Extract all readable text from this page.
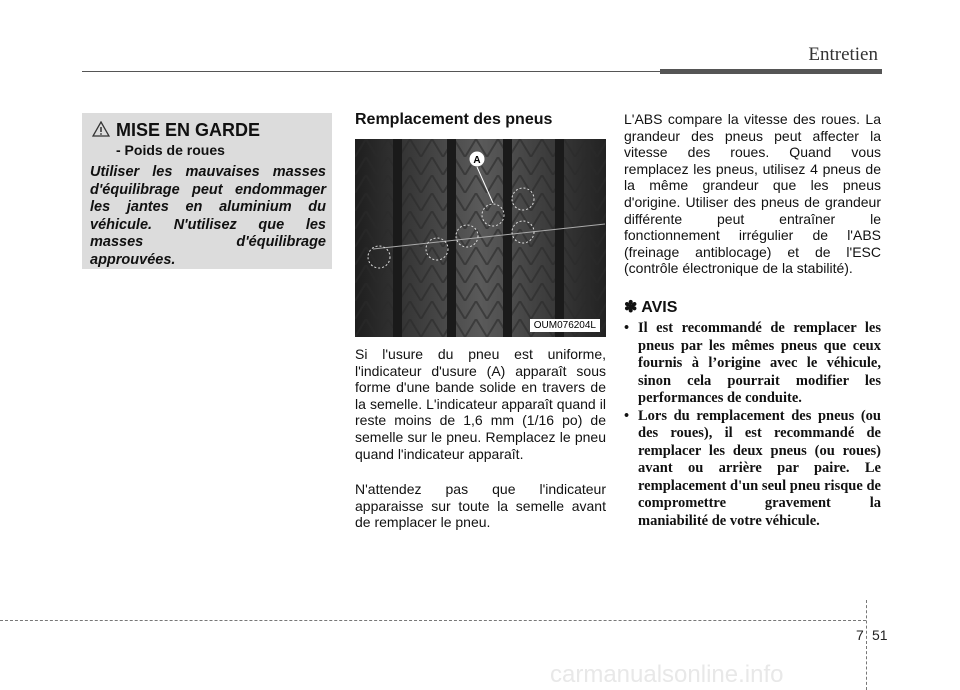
Entretien
MISE EN GARDE
- Poids de roues
Utiliser les mauvaises masses d'équilibrage peut endommager les jantes en aluminium du véhicule. N'utilisez que les masses d'équilibrage approuvées.
Remplacement des pneus
A
OUM076204L
Si l'usure du pneu est uniforme, l'indicateur d'usure (A) apparaît sous forme d'une bande solide en travers de la semelle. L'indicateur apparaît quand il reste moins de 1,6 mm (1/16 po) de semelle sur le pneu. Remplacez le pneu quand l'indicateur apparaît.
N'attendez pas que l'indicateur apparaisse sur toute la semelle avant de remplacer le pneu.
L'ABS compare la vitesse des roues. La grandeur des pneus peut affecter la vitesse des roues. Quand vous remplacez les pneus, utilisez 4 pneus de la même grandeur que les pneus d'origine. Utiliser des pneus de grandeur différente peut entraîner le fonctionnement irrégulier de l'ABS (freinage antiblocage) et de l'ESC (contrôle électronique de la stabilité).
✽ AVIS
• Il est recommandé de remplacer les pneus par les mêmes pneus que ceux fournis à l’origine avec le véhicule, sinon cela pourrait modifier les performances de conduite.
• Lors du remplacement des pneus (ou des roues), il est recommandé de remplacer les deux pneus (ou roues) avant ou arrière par paire. Le remplacement d'un seul pneu risque de compromettre gravement la maniabilité de votre véhicule.
7 51
carmanualsonline.info
